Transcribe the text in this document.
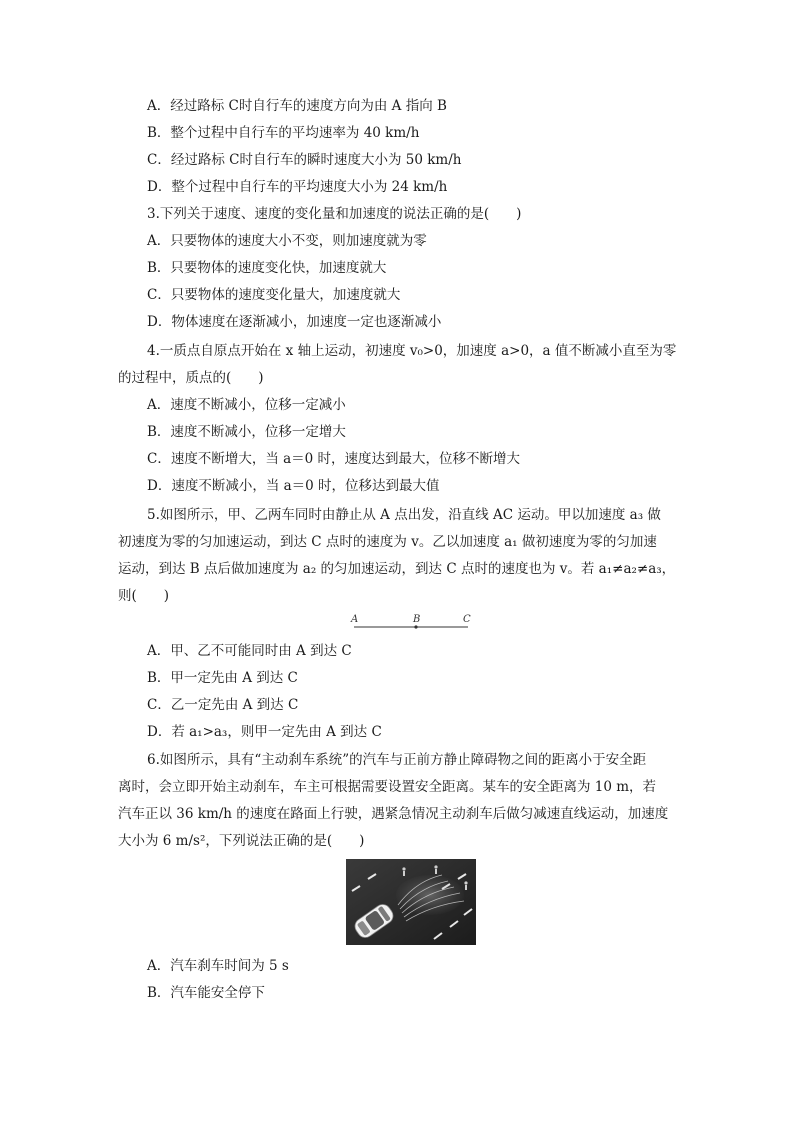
A．经过路标 C时自行车的速度方向为由 A 指向 B
B．整个过程中自行车的平均速率为 40 km/h
C．经过路标 C时自行车的瞬时速度大小为 50 km/h
D．整个过程中自行车的平均速度大小为 24 km/h
3.下列关于速度、速度的变化量和加速度的说法正确的是(　　)
A．只要物体的速度大小不变，则加速度就为零
B．只要物体的速度变化快，加速度就大
C．只要物体的速度变化量大，加速度就大
D．物体速度在逐渐减小，加速度一定也逐渐减小
4.一质点自原点开始在 x 轴上运动，初速度 v₀>0，加速度 a>0，a 值不断减小直至为零
的过程中，质点的(　　)
A．速度不断减小，位移一定减小
B．速度不断减小，位移一定增大
C．速度不断增大，当 a＝0 时，速度达到最大，位移不断增大
D．速度不断减小，当 a＝0 时，位移达到最大值
5.如图所示，甲、乙两车同时由静止从 A 点出发，沿直线 AC 运动。甲以加速度 a₃ 做
初速度为零的匀加速运动，到达 C 点时的速度为 v。乙以加速度 a₁ 做初速度为零的匀加速
运动，到达 B 点后做加速度为 a₂ 的匀加速运动，到达 C 点时的速度也为 v。若 a₁≠a₂≠a₃，
则(　　)
A	B	C
A．甲、乙不可能同时由 A 到达 C
B．甲一定先由 A 到达 C
C．乙一定先由 A 到达 C
D．若 a₁>a₃，则甲一定先由 A 到达 C
6.如图所示，具有“主动刹车系统”的汽车与正前方静止障碍物之间的距离小于安全距
离时，会立即开始主动刹车，车主可根据需要设置安全距离。某车的安全距离为 10 m，若
汽车正以 36 km/h 的速度在路面上行驶，遇紧急情况主动刹车后做匀减速直线运动，加速度
大小为 6 m/s²，下列说法正确的是(　　)
A．汽车刹车时间为 5 s
B．汽车能安全停下
